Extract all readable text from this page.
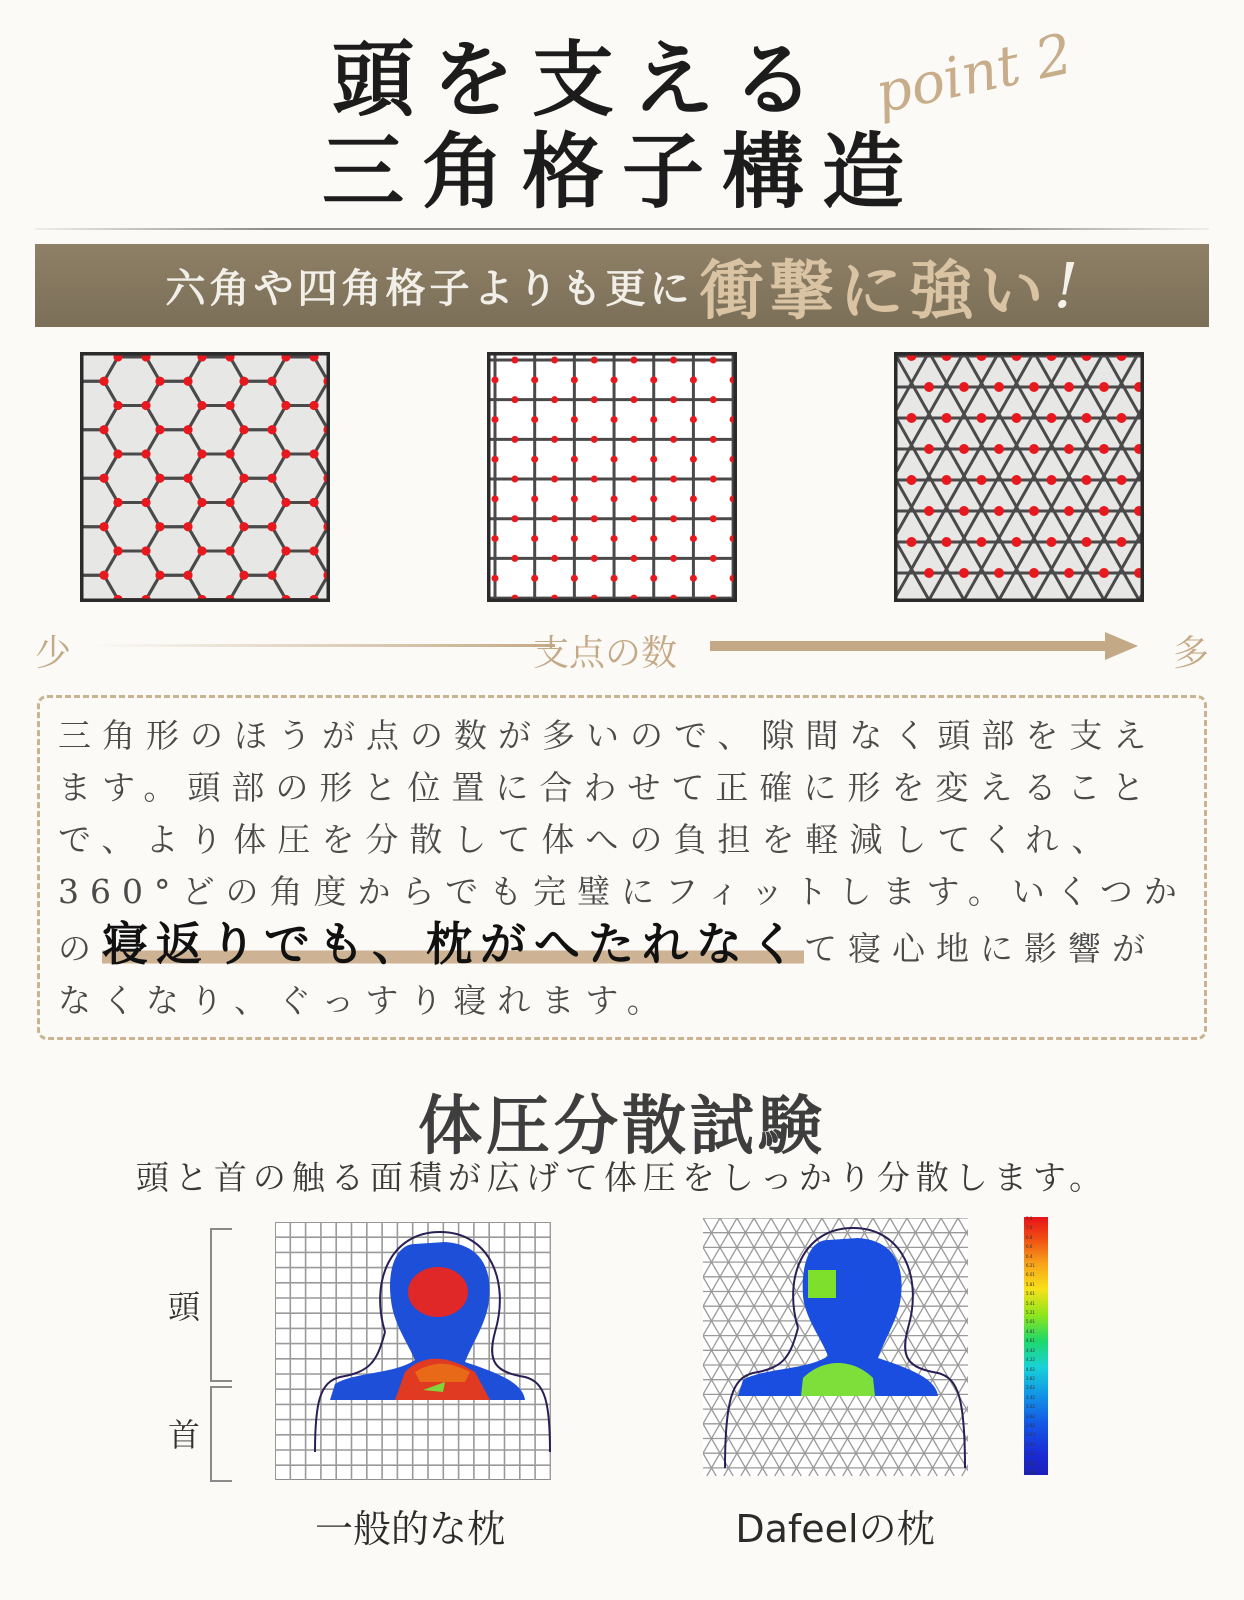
頭を支える
三角格子構造
point 2
六角や四角格子よりも更に 衝撃に強い !
少	支点の数	多
三角形のほうが点の数が多いので、隙間なく頭部を支えます。頭部の形と位置に合わせて正確に形を変えることで、より体圧を分散して体への負担を軽減してくれ、360°どの角度からでも完璧にフィットします。いくつかの寝返りでも、枕がへたれなくて寝心地に影響がなくなり、ぐっすり寝れます。
体圧分散試験
頭と首の触る面積が広げて体圧をしっかり分散します。
頭
首
一般的な枕	Dafeelの枕
7.2
7.0
6.8
6.6
6.4
6.21
6.01
5.81
5.61
5.41
5.21
5.01
4.81
4.61
4.42
4.22
4.02
3.82
3.62
3.42
3.22
3.02
2.82
2.63
2.43
2.23
2.03
1.83
